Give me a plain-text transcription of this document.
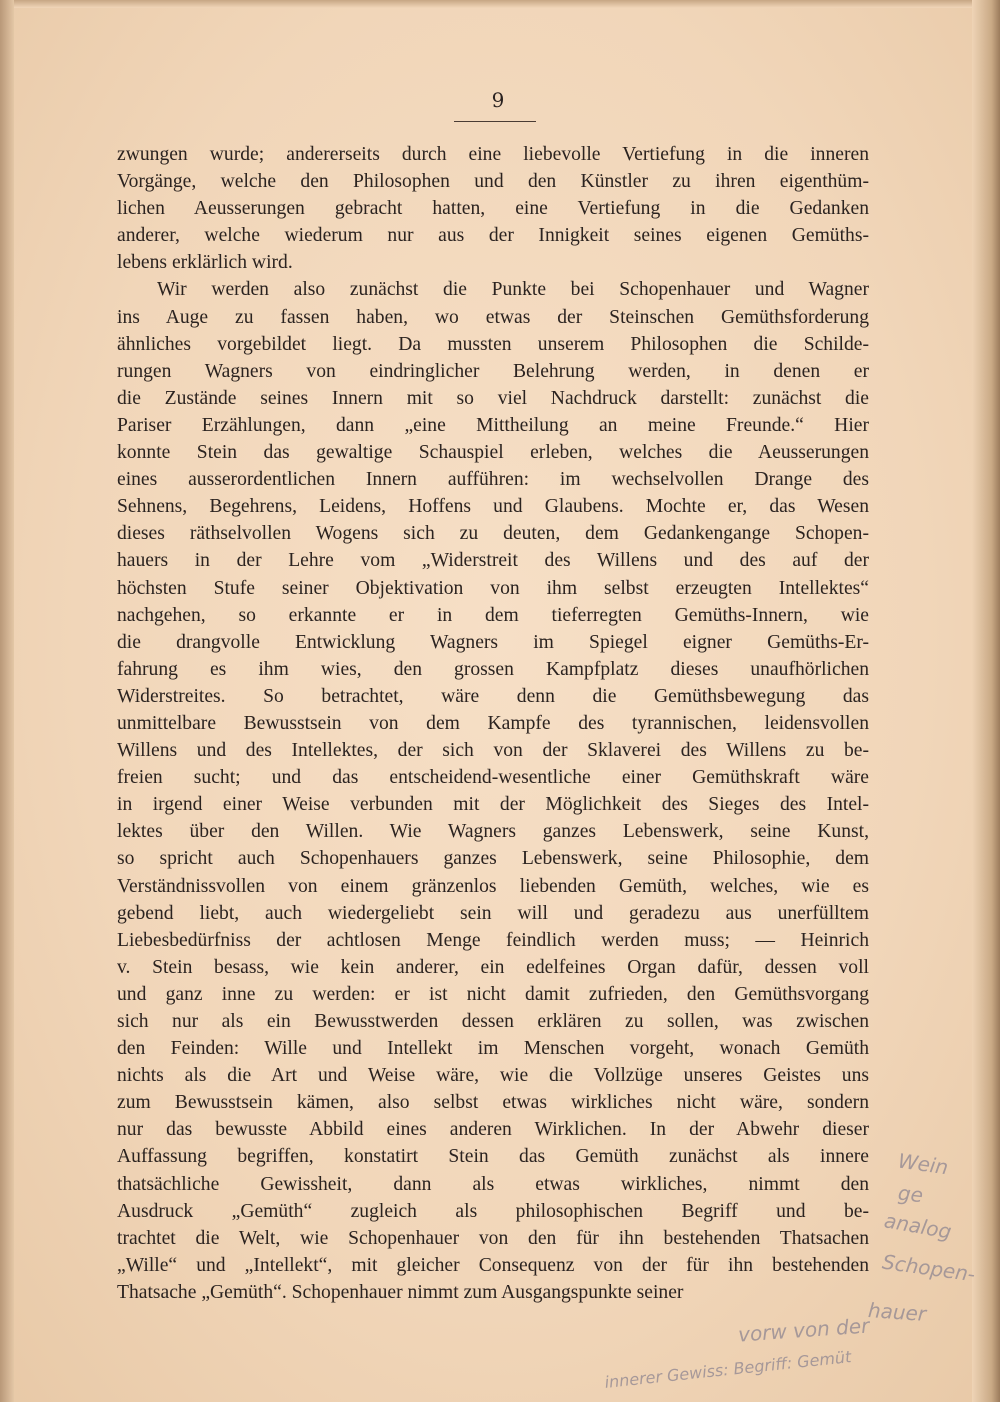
9
zwungen wurde; andererseits durch eine liebevolle Vertiefung in die inneren
Vorgänge, welche den Philosophen und den Künstler zu ihren eigenthüm-
lichen Aeusserungen gebracht hatten, eine Vertiefung in die Gedanken
anderer, welche wiederum nur aus der Innigkeit seines eigenen Gemüths-
lebens erklärlich wird.
Wir werden also zunächst die Punkte bei Schopenhauer und Wagner
ins Auge zu fassen haben, wo etwas der Steinschen Gemüthsforderung
ähnliches vorgebildet liegt. Da mussten unserem Philosophen die Schilde-
rungen Wagners von eindringlicher Belehrung werden, in denen er
die Zustände seines Innern mit so viel Nachdruck darstellt: zunächst die
Pariser Erzählungen, dann „eine Mittheilung an meine Freunde.“ Hier
konnte Stein das gewaltige Schauspiel erleben, welches die Aeusserungen
eines ausserordentlichen Innern aufführen: im wechselvollen Drange des
Sehnens, Begehrens, Leidens, Hoffens und Glaubens. Mochte er, das Wesen
dieses räthselvollen Wogens sich zu deuten, dem Gedankengange Schopen-
hauers in der Lehre vom „Widerstreit des Willens und des auf der
höchsten Stufe seiner Objektivation von ihm selbst erzeugten Intellektes“
nachgehen, so erkannte er in dem tieferregten Gemüths-Innern, wie
die drangvolle Entwicklung Wagners im Spiegel eigner Gemüths-Er-
fahrung es ihm wies, den grossen Kampfplatz dieses unaufhörlichen
Widerstreites. So betrachtet, wäre denn die Gemüthsbewegung das
unmittelbare Bewusstsein von dem Kampfe des tyrannischen, leidensvollen
Willens und des Intellektes, der sich von der Sklaverei des Willens zu be-
freien sucht; und das entscheidend-wesentliche einer Gemüthskraft wäre
in irgend einer Weise verbunden mit der Möglichkeit des Sieges des Intel-
lektes über den Willen. Wie Wagners ganzes Lebenswerk, seine Kunst,
so spricht auch Schopenhauers ganzes Lebenswerk, seine Philosophie, dem
Verständnissvollen von einem gränzenlos liebenden Gemüth, welches, wie es
gebend liebt, auch wiedergeliebt sein will und geradezu aus unerfülltem
Liebesbedürfniss der achtlosen Menge feindlich werden muss; — Heinrich
v. Stein besass, wie kein anderer, ein edelfeines Organ dafür, dessen voll
und ganz inne zu werden: er ist nicht damit zufrieden, den Gemüthsvorgang
sich nur als ein Bewusstwerden dessen erklären zu sollen, was zwischen
den Feinden: Wille und Intellekt im Menschen vorgeht, wonach Gemüth
nichts als die Art und Weise wäre, wie die Vollzüge unseres Geistes uns
zum Bewusstsein kämen, also selbst etwas wirkliches nicht wäre, sondern
nur das bewusste Abbild eines anderen Wirklichen. In der Abwehr dieser
Auffassung begriffen, konstatirt Stein das Gemüth zunächst als innere
thatsächliche Gewissheit, dann als etwas wirkliches, nimmt den
Ausdruck „Gemüth“ zugleich als philosophischen Begriff und be-
trachtet die Welt, wie Schopenhauer von den für ihn bestehenden Thatsachen
„Wille“ und „Intellekt“, mit gleicher Consequenz von der für ihn bestehenden
Thatsache „Gemüth“. Schopenhauer nimmt zum Ausgangspunkte seiner
Wein
ge
analog
Schopen-
hauer
vorw von der
innerer Gewiss: Begriff: Gemüt
